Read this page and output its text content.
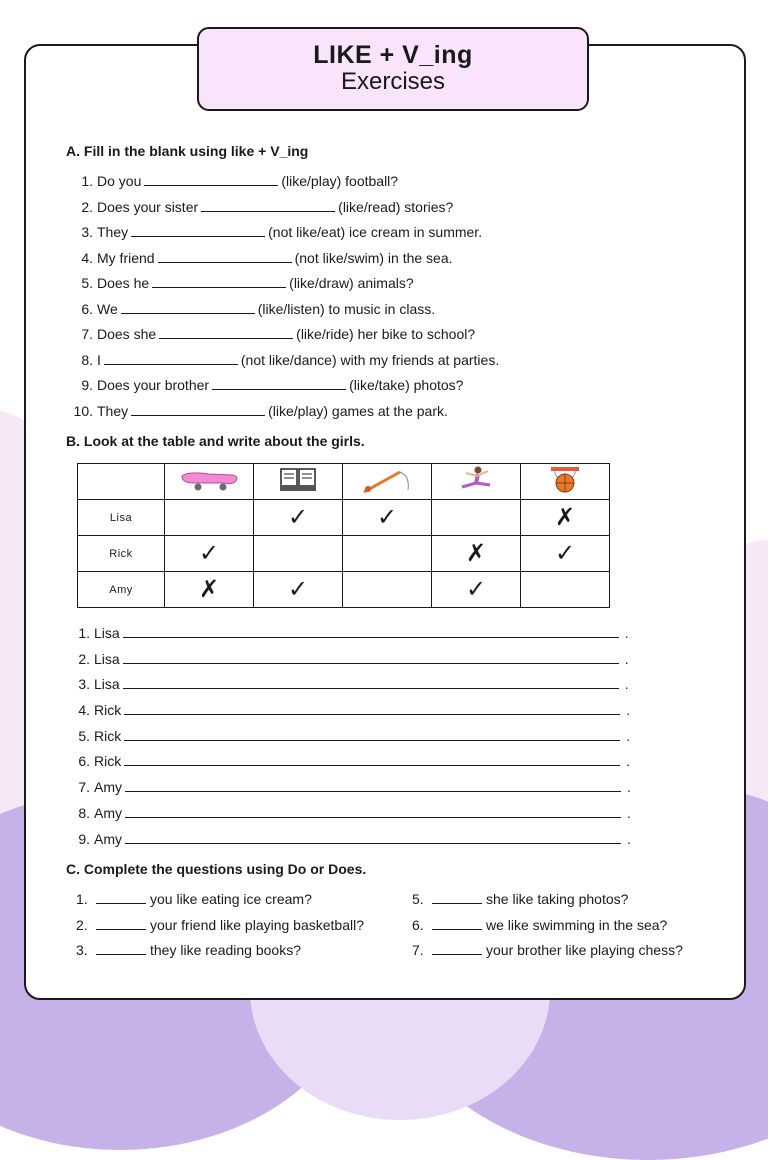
LIKE + V_ing
Exercises
A. Fill in the blank using like + V_ing
1. Do you	(like/play) football?
2. Does your sister	(like/read) stories?
3. They	(not like/eat) ice cream in summer.
4. My friend	(not like/swim) in the sea.
5. Does he	(like/draw) animals?
6. We	(like/listen) to music in class.
7. Does she	(like/ride) her bike to school?
8. I	(not like/dance) with my friends at parties.
9. Does your brother	(like/take) photos?
10. They	(like/play) games at the park.
B. Look at the table and write about the girls.

Lisa		✓	✓		✗
Rick	✓			✗	✓
Amy	✗	✓		✓	
1. Lisa	.
2. Lisa	.
3. Lisa	.
4. Rick	.
5. Rick	.
6. Rick	.
7. Amy	.
8. Amy	.
9. Amy	.
C. Complete the questions using Do or Does.
1.	you like eating ice cream?
2.	your friend like playing basketball?
3.	they like reading books?
5.	she like taking photos?
6.	we like swimming in the sea?
7.	your brother like playing chess?
